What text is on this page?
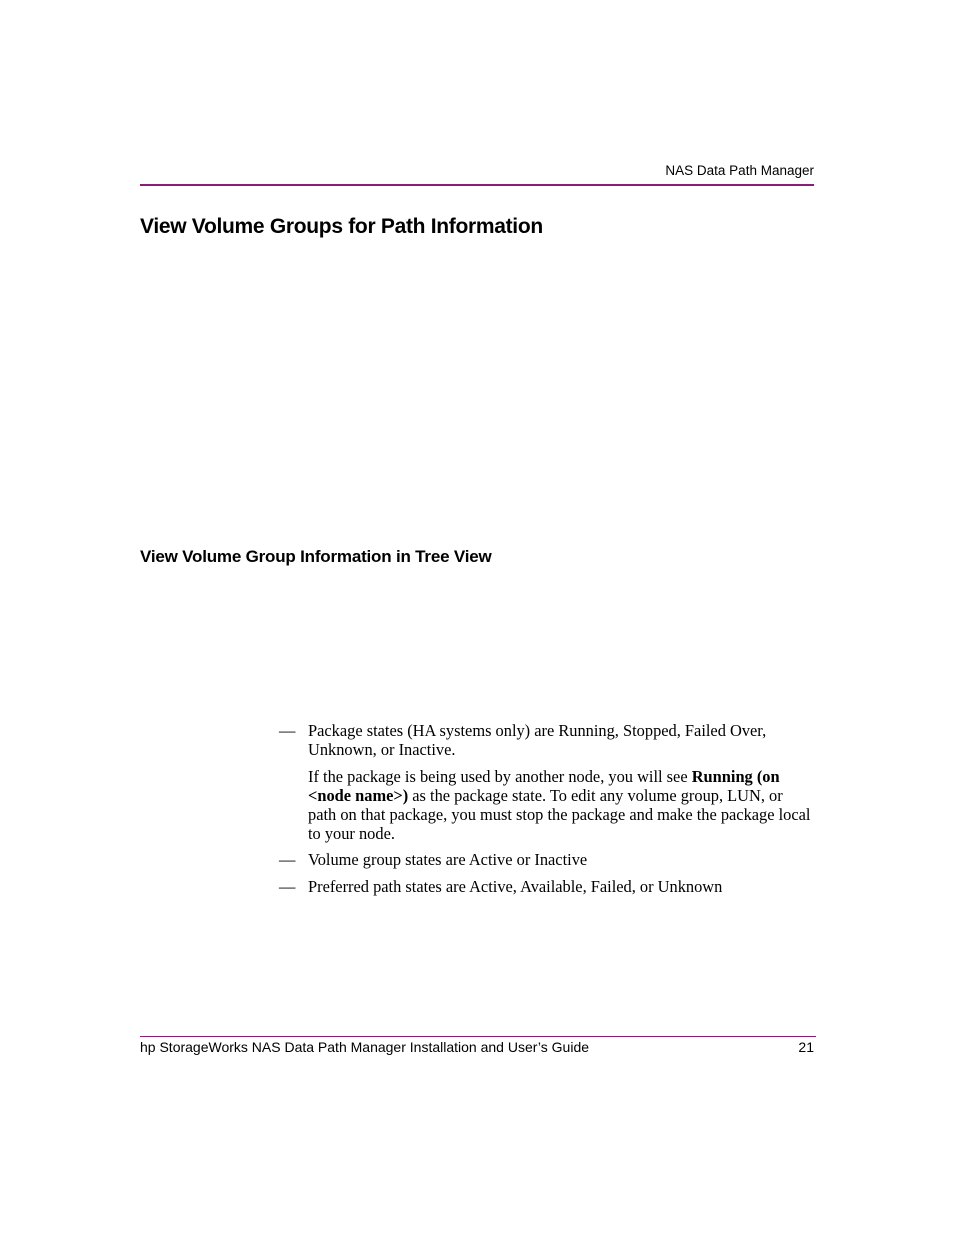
NAS Data Path Manager
View Volume Groups for Path Information
View Volume Group Information in Tree View
— Package states (HA systems only) are Running, Stopped, Failed Over, Unknown, or Inactive.

If the package is being used by another node, you will see Running (on <node name>) as the package state. To edit any volume group, LUN, or path on that package, you must stop the package and make the package local to your node.

— Volume group states are Active or Inactive

— Preferred path states are Active, Available, Failed, or Unknown

hp StorageWorks NAS Data Path Manager Installation and User’s Guide	21
